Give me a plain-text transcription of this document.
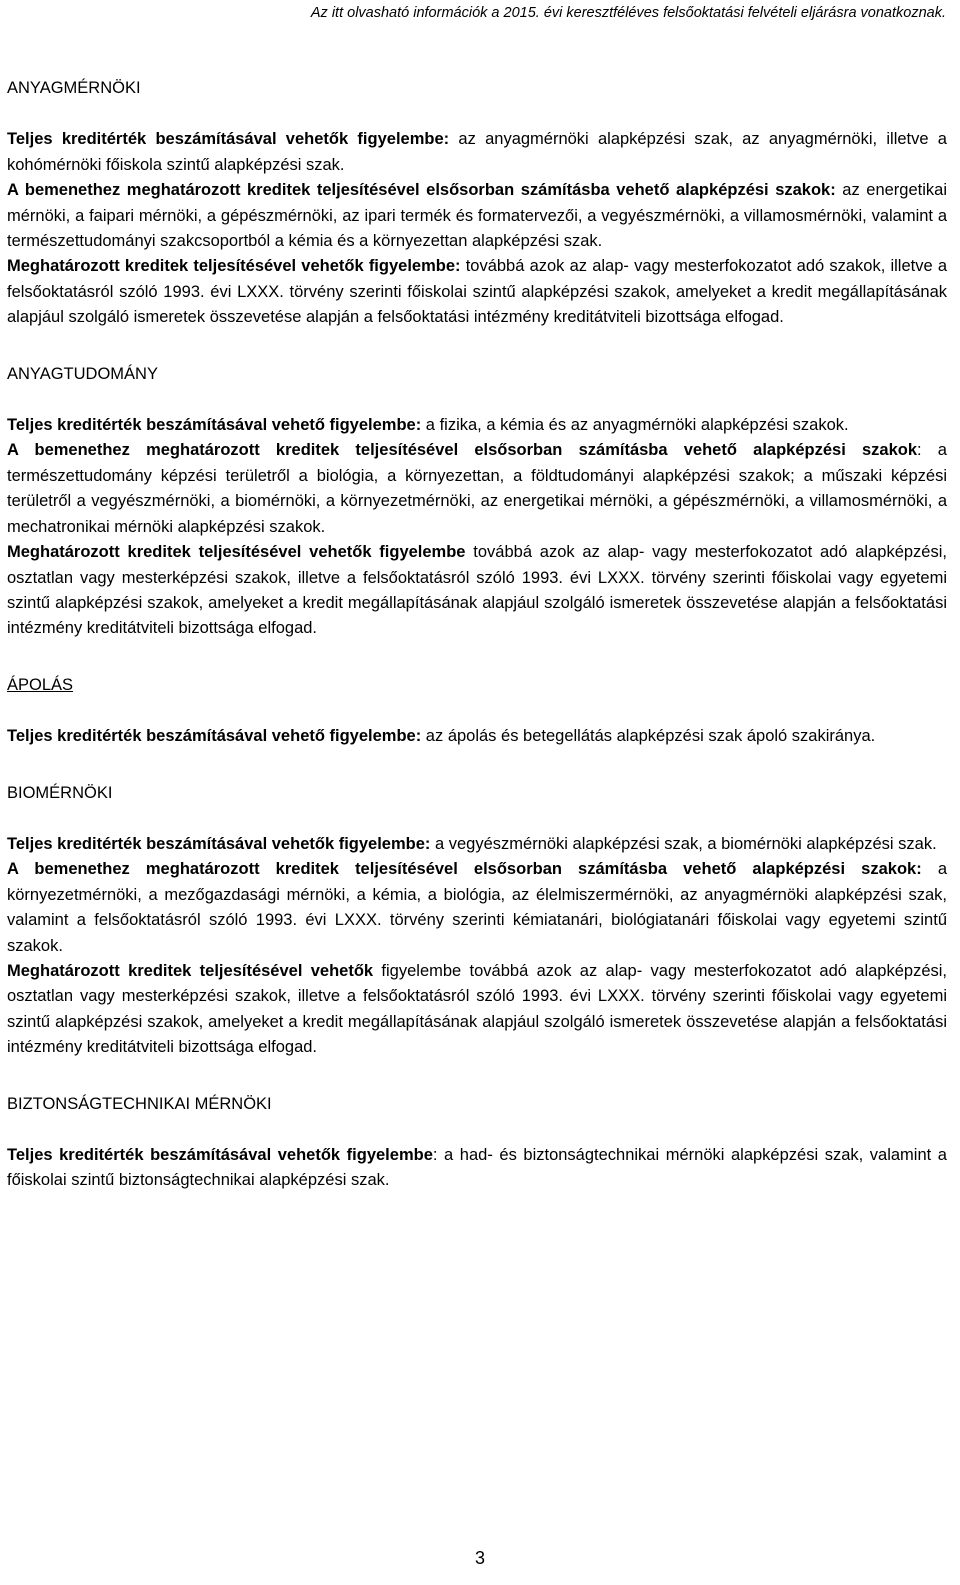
Az itt olvasható információk a 2015. évi keresztféléves felsőoktatási felvételi eljárásra vonatkoznak.
ANYAGMÉRNÖKI

Teljes kreditérték beszámításával vehetők figyelembe: az anyagmérnöki alapképzési szak, az anyagmérnöki, illetve a kohómérnöki főiskola szintű alapképzési szak.

A bemenethez meghatározott kreditek teljesítésével elsősorban számításba vehető alapképzési szakok: az energetikai mérnöki, a faipari mérnöki, a gépészmérnöki, az ipari termék és formatervezői, a vegyészmérnöki, a villamosmérnöki, valamint a természettudományi szakcsoportból a kémia és a környezettan alapképzési szak.

Meghatározott kreditek teljesítésével vehetők figyelembe: továbbá azok az alap- vagy mesterfokozatot adó szakok, illetve a felsőoktatásról szóló 1993. évi LXXX. törvény szerinti főiskolai szintű alapképzési szakok, amelyeket a kredit megállapításának alapjául szolgáló ismeretek összevetése alapján a felsőoktatási intézmény kreditátviteli bizottsága elfogad.

ANYAGTUDOMÁNY

Teljes kreditérték beszámításával vehető figyelembe: a fizika, a kémia és az anyagmérnöki alapképzési szakok.

A bemenethez meghatározott kreditek teljesítésével elsősorban számításba vehető alapképzési szakok: a természettudomány képzési területről a biológia, a környezettan, a földtudományi alapképzési szakok; a műszaki képzési területről a vegyészmérnöki, a biomérnöki, a környezetmérnöki, az energetikai mérnöki, a gépészmérnöki, a villamosmérnöki, a mechatronikai mérnöki alapképzési szakok.

Meghatározott kreditek teljesítésével vehetők figyelembe továbbá azok az alap- vagy mesterfokozatot adó alapképzési, osztatlan vagy mesterképzési szakok, illetve a felsőoktatásról szóló 1993. évi LXXX. törvény szerinti főiskolai vagy egyetemi szintű alapképzési szakok, amelyeket a kredit megállapításának alapjául szolgáló ismeretek összevetése alapján a felsőoktatási intézmény kreditátviteli bizottsága elfogad.

ÁPOLÁS

Teljes kreditérték beszámításával vehető figyelembe: az ápolás és betegellátás alapképzési szak ápoló szakiránya.

BIOMÉRNÖKI

Teljes kreditérték beszámításával vehetők figyelembe: a vegyészmérnöki alapképzési szak, a biomérnöki alapképzési szak.

A bemenethez meghatározott kreditek teljesítésével elsősorban számításba vehető alapképzési szakok: a környezetmérnöki, a mezőgazdasági mérnöki, a kémia, a biológia, az élelmiszermérnöki, az anyagmérnöki alapképzési szak, valamint a felsőoktatásról szóló 1993. évi LXXX. törvény szerinti kémiatanári, biológiatanári főiskolai vagy egyetemi szintű szakok.

Meghatározott kreditek teljesítésével vehetők figyelembe továbbá azok az alap- vagy mesterfokozatot adó alapképzési, osztatlan vagy mesterképzési szakok, illetve a felsőoktatásról szóló 1993. évi LXXX. törvény szerinti főiskolai vagy egyetemi szintű alapképzési szakok, amelyeket a kredit megállapításának alapjául szolgáló ismeretek összevetése alapján a felsőoktatási intézmény kreditátviteli bizottsága elfogad.

BIZTONSÁGTECHNIKAI MÉRNÖKI

Teljes kreditérték beszámításával vehetők figyelembe: a had- és biztonságtechnikai mérnöki alapképzési szak, valamint a főiskolai szintű biztonságtechnikai alapképzési szak.

3
